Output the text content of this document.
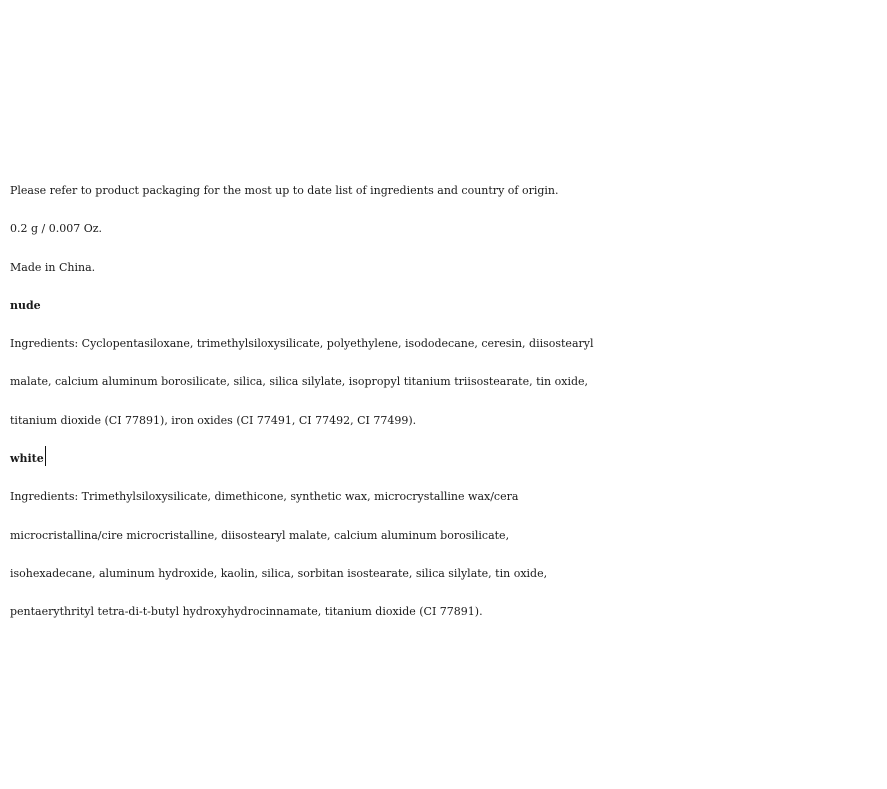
Please refer to product packaging for the most up to date list of ingredients and country of origin.

0.2 g / 0.007 Oz.

Made in China.

nude

Ingredients: Cyclopentasiloxane, trimethylsiloxysilicate, polyethylene, isododecane, ceresin, diisostearyl

malate, calcium aluminum borosilicate, silica, silica silylate, isopropyl titanium triisostearate, tin oxide,

titanium dioxide (CI 77891), iron oxides (CI 77491, CI 77492, CI 77499).

white

Ingredients: Trimethylsiloxysilicate, dimethicone, synthetic wax, microcrystalline wax/cera

microcristallina/cire microcristalline, diisostearyl malate, calcium aluminum borosilicate,

isohexadecane, aluminum hydroxide, kaolin, silica, sorbitan isostearate, silica silylate, tin oxide,

pentaerythrityl tetra-di-t-butyl hydroxyhydrocinnamate, titanium dioxide (CI 77891).
